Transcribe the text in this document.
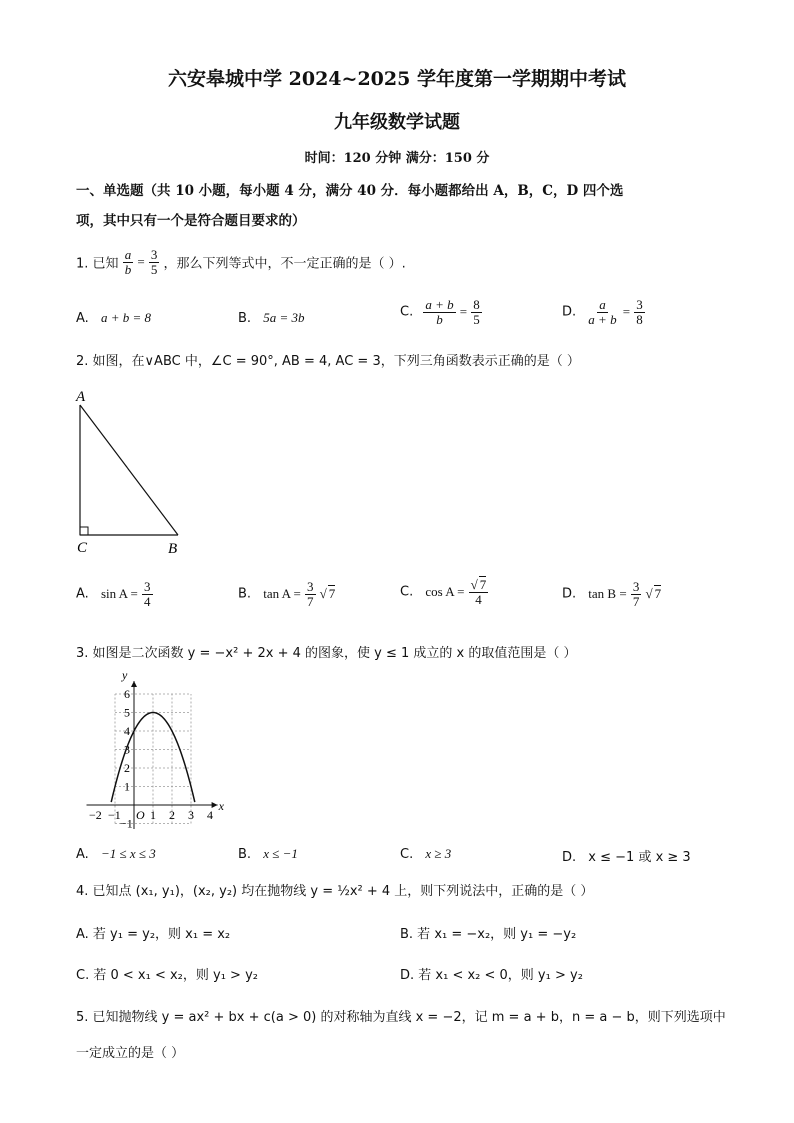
六安皋城中学 2024~2025 学年度第一学期期中考试
九年级数学试题
时间：120 分钟 满分：150 分
一、单选题（共 10 小题，每小题 4 分，满分 40 分．每小题都给出 A，B，C，D 四个选
项，其中只有一个是符合题目要求的）
1. 已知 $\frac{a}{b} = \frac{3}{5}$ ，那么下列等式中，不一定正确的是（ ）.
A. a + b = 8	B. 5a = 3b	C. $\frac{a + b}{b} = \frac{8}{5}$	D. $\frac{a}{a + b} = \frac{3}{8}$
2. 如图，在∨ABC 中，∠C = 90°, AB = 4, AC = 3，下列三角函数表示正确的是（ ）
A
C	B
A. $\sin A = \frac{3}{4}$	B. $\tan A = \frac{3}{7}$ √ 7	C. $\cos A = \frac{√ 7}{4}$	D. $\tan B = \frac{3}{7}$ √ 7
3. 如图是二次函数 y = −x² + 2x + 4 的图象，使 y ≤ 1 成立的 x 的取值范围是（ ）
6
5
4
3
2
1
−1
−2 −1 1 2 3 4
O
x
y
A. −1 ≤ x ≤ 3	B. x ≤ −1	C. x ≥ 3	D. x ≤ −1 或 x ≥ 3
4. 已知点 (x₁, y₁)，(x₂, y₂) 均在抛物线 y = ½x² + 4 上，则下列说法中，正确的是（ ）
A. 若 y₁ = y₂，则 x₁ = x₂	B. 若 x₁ = −x₂，则 y₁ = −y₂
C. 若 0 < x₁ < x₂，则 y₁ > y₂	D. 若 x₁ < x₂ < 0，则 y₁ > y₂
5. 已知抛物线 y = ax² + bx + c(a > 0) 的对称轴为直线 x = −2，记 m = a + b，n = a − b，则下列选项中
一定成立的是（ ）
